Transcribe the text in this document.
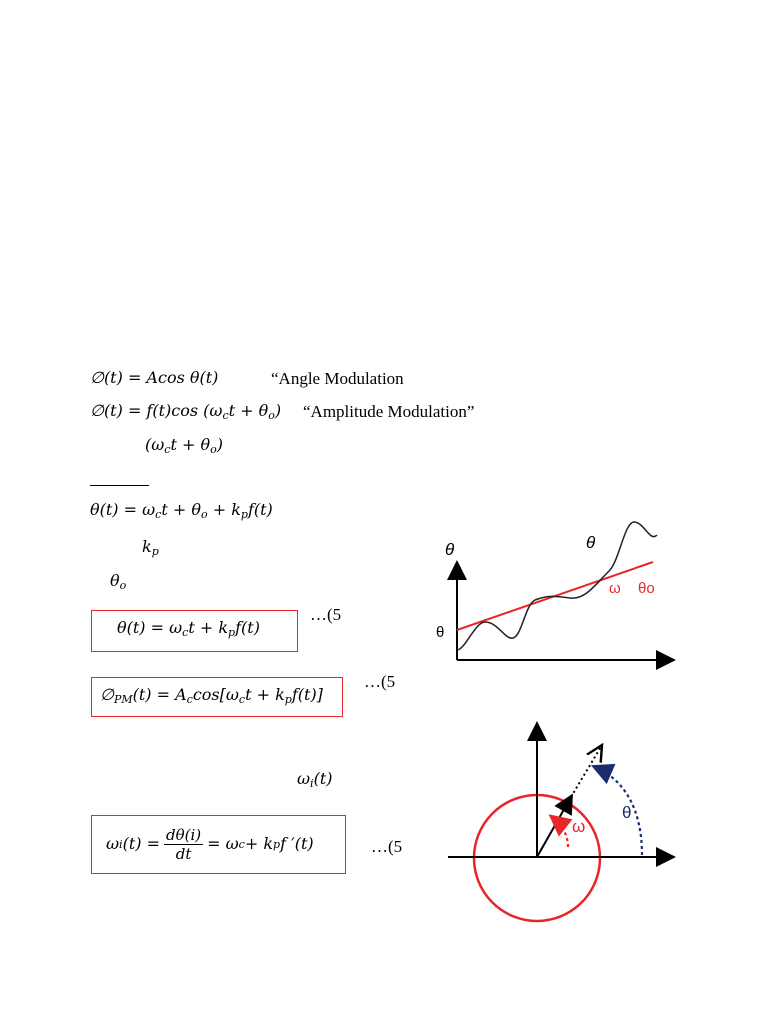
∅(t) = Acos θ(t)	“Angle Modulation
∅(t) = f(t)cos $(\omega_ct + \theta_o)$ “Amplitude Modulation”
$(\omega_ct + \theta_o)$
$\theta(t) = \omega_ct + \theta_o + k_pf(t)$
$k_p$
$\theta_o$
$\theta(t) = \omega_ct + k_pf(t)$
…(5
$\emptyset_{PM}(t) = A_c\cos[\omega_ct + k_pf(t)]$
…(5
$\omega_i(t)$
ω i $(t) = \frac{d\theta(i)}{dt} = \omega$ c + k p f ′(t)	…(5
θ
θ
θ
ω θo
ω
θ
